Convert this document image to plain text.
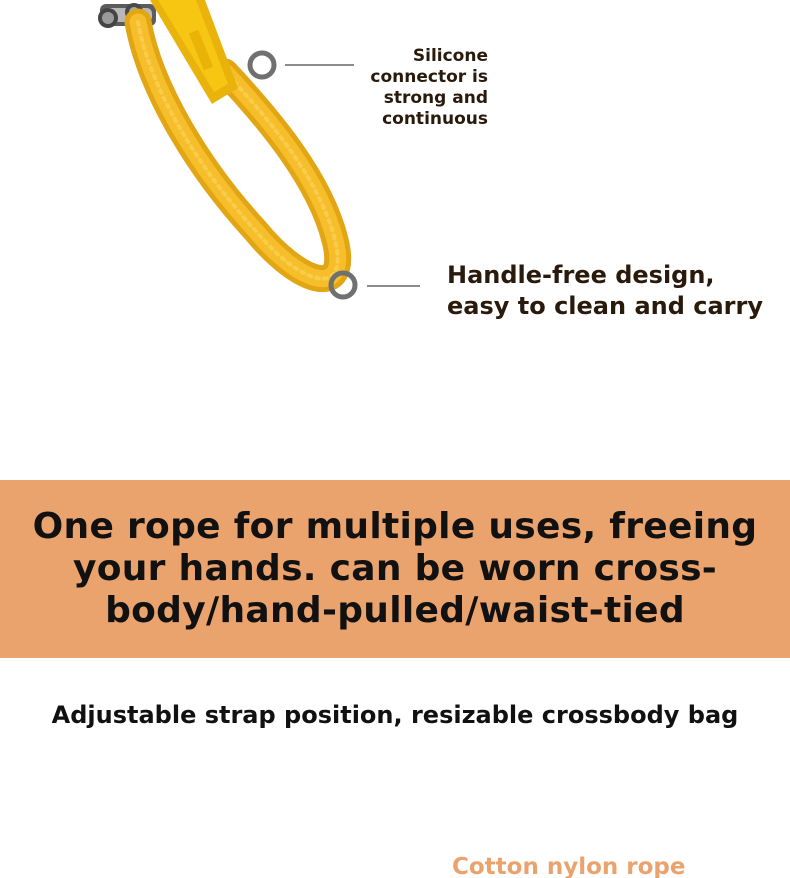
Silicone connector is strong and continuous

Handle-free design, easy to clean and carry

One rope for multiple uses, freeing your hands. can be worn cross-body/hand-pulled/waist-tied

Adjustable strap position, resizable crossbody bag

Cotton nylon rope
